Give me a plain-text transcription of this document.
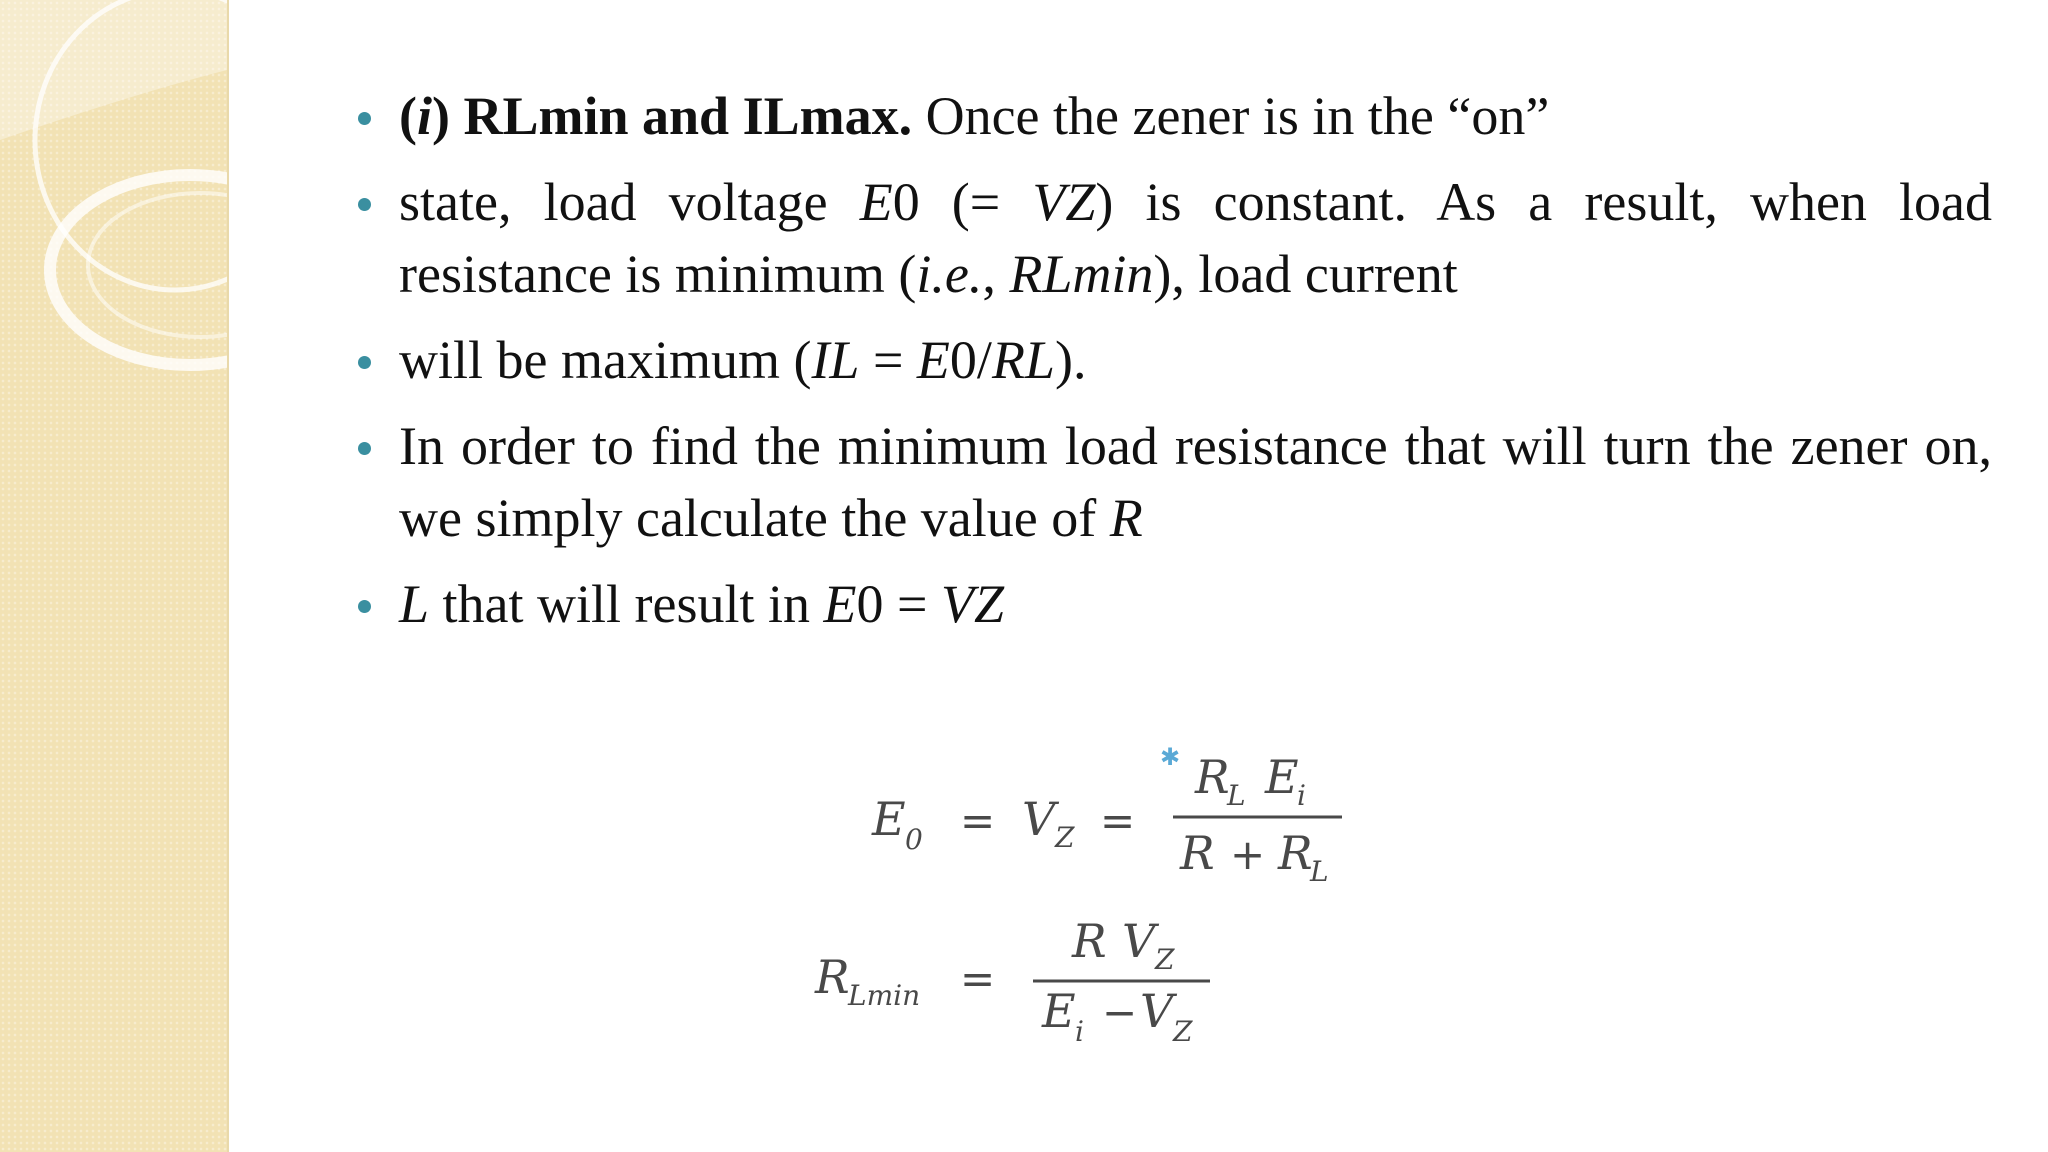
(i) RLmin and ILmax. Once the zener is in the “on”
state, load voltage E0 (= VZ) is constant. As a result, when load resistance is minimum (i.e., RLmin), load current
will be maximum (IL = E0/RL).
In order to find the minimum load resistance that will turn the zener on, we simply calculate the value of R
L that will result in E0 = VZ
E 0 = V Z =
✱ R
L E
i
R + R
L
R
Lmin =
R V Z
E i − V Z
